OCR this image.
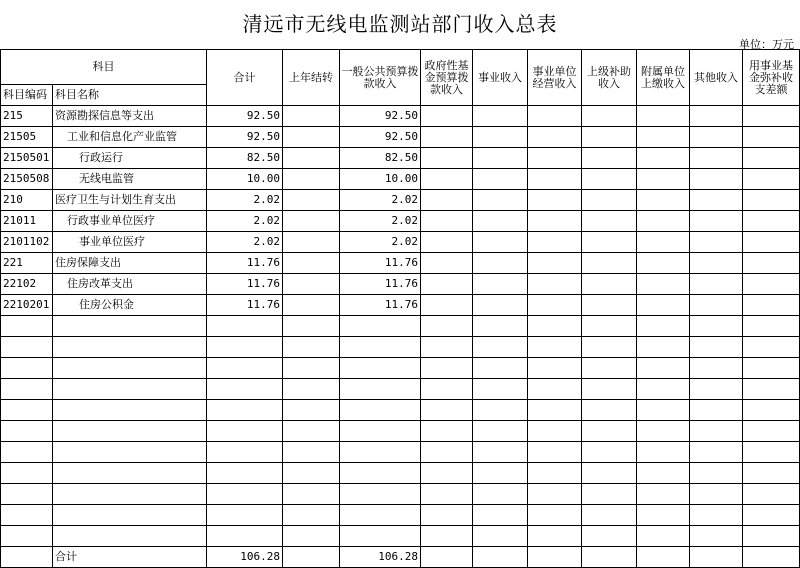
清远市无线电监测站部门收入总表
单位：万元
科目		合计	上年结转	一般公共预算拨款收入	政府性基金预算拨款收入	事业收入	事业单位经营收入	上级补助收入	附属单位上缴收入	其他收入	用事业基金弥补收支差额
科目编码	科目名称										
215	资源勘探信息等支出	92.50		92.50							
21505	工业和信息化产业监管	92.50		92.50							
2150501	行政运行	82.50		82.50							
2150508	无线电监管	10.00		10.00							
210	医疗卫生与计划生育支出	2.02		2.02							
21011	行政事业单位医疗	2.02		2.02							
2101102	事业单位医疗	2.02		2.02							
221	住房保障支出	11.76		11.76							
22102	住房改革支出	11.76		11.76							
2210201	住房公积金	11.76		11.76							

	合计	106.28		106.28							
